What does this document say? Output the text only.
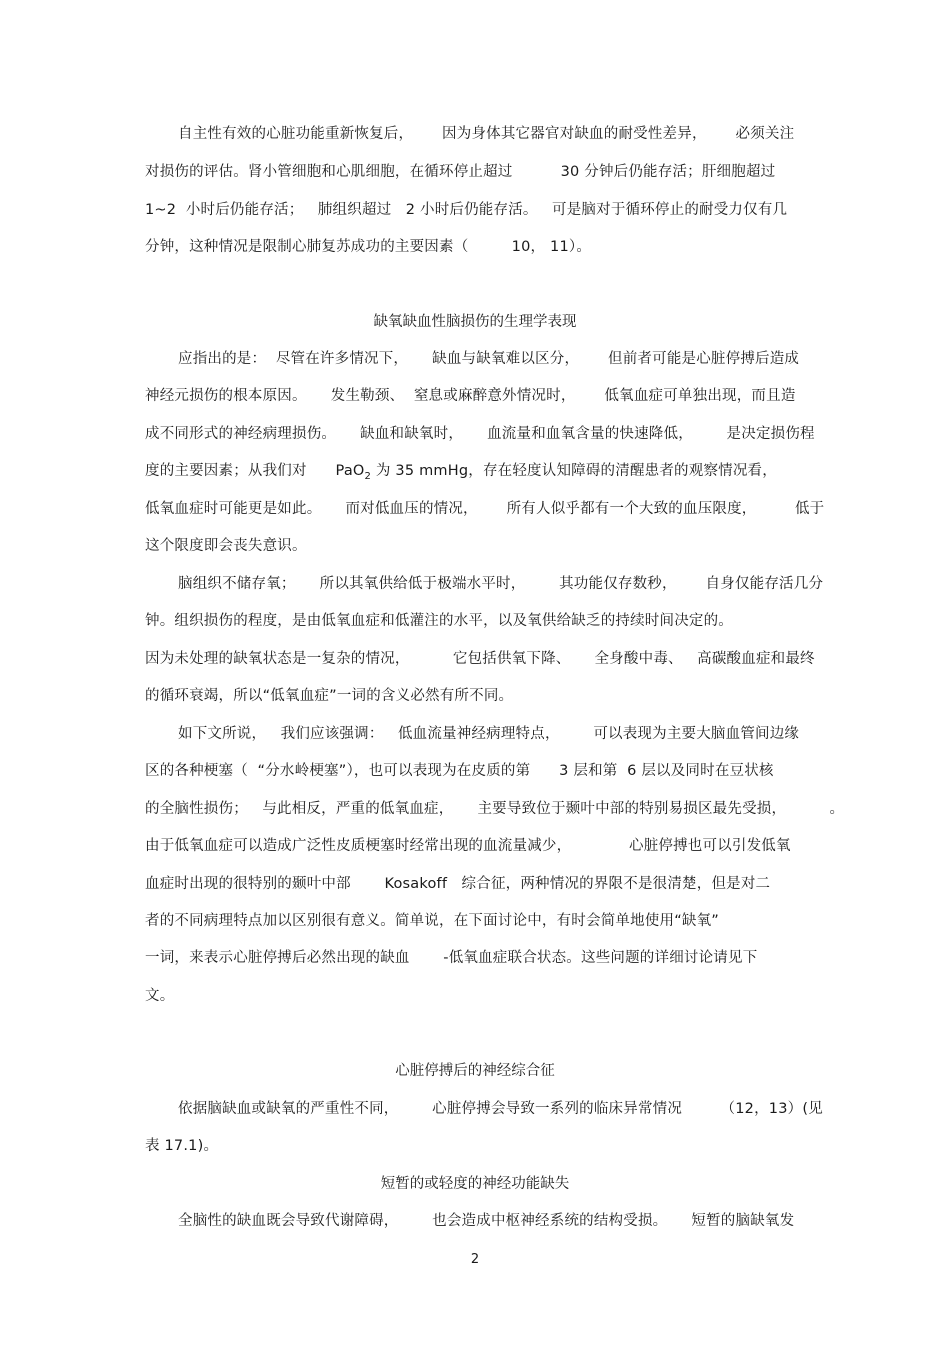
自主性有效的心脏功能重新恢复后，      因为身体其它器官对缺血的耐受性差异，      必须关注
对损伤的评估。肾小管细胞和心肌细胞，在循环停止超过          30 分钟后仍能存活；肝细胞超过
1~2  小时后仍能存活；   肺组织超过   2 小时后仍能存活。   可是脑对于循环停止的耐受力仅有几
分钟，这种情况是限制心肺复苏成功的主要因素（         10， 11）。
缺氧缺血性脑损伤的生理学表现
应指出的是：  尽管在许多情况下，     缺血与缺氧难以区分，      但前者可能是心脏停搏后造成
神经元损伤的根本原因。     发生勒颈、  窒息或麻醉意外情况时，      低氧血症可单独出现，而且造
成不同形式的神经病理损伤。     缺血和缺氧时，     血流量和血氧含量的快速降低，       是决定损伤程
度的主要因素；从我们对      PaO$_2$ 为 35 mmHg，存在轻度认知障碍的清醒患者的观察情况看，
低氧血症时可能更是如此。     而对低血压的情况，      所有人似乎都有一个大致的血压限度，        低于
这个限度即会丧失意识。
脑组织不储存氧；     所以其氧供给低于极端水平时，       其功能仅存数秒，      自身仅能存活几分
钟。组织损伤的程度，是由低氧血症和低灌注的水平，以及氧供给缺乏的持续时间决定的。
因为未处理的缺氧状态是一复杂的情况，         它包括供氧下降、     全身酸中毒、   高碳酸血症和最终
的循环衰竭，所以“低氧血症”一词的含义必然有所不同。
如下文所说，   我们应该强调：   低血流量神经病理特点，       可以表现为主要大脑血管间边缘
区的各种梗塞（  “分水岭梗塞”），也可以表现为在皮质的第      3 层和第  6 层以及同时在豆状核
的全脑性损伤；   与此相反，严重的低氧血症，     主要导致位于颞叶中部的特别易损区最先受损，         。
由于低氧血症可以造成广泛性皮质梗塞时经常出现的血流量减少，            心脏停搏也可以引发低氧
血症时出现的很特别的颞叶中部       Kosakoff   综合征，两种情况的界限不是很清楚，但是对二
者的不同病理特点加以区别很有意义。简单说，在下面讨论中，有时会简单地使用“缺氧”
一词，来表示心脏停搏后必然出现的缺血       -低氧血症联合状态。这些问题的详细讨论请见下
文。
心脏停搏后的神经综合征
依据脑缺血或缺氧的严重性不同，       心脏停搏会导致一系列的临床异常情况        （12，13）(见
表 17.1)。
短暂的或轻度的神经功能缺失
全脑性的缺血既会导致代谢障碍，       也会造成中枢神经系统的结构受损。     短暂的脑缺氧发
2
